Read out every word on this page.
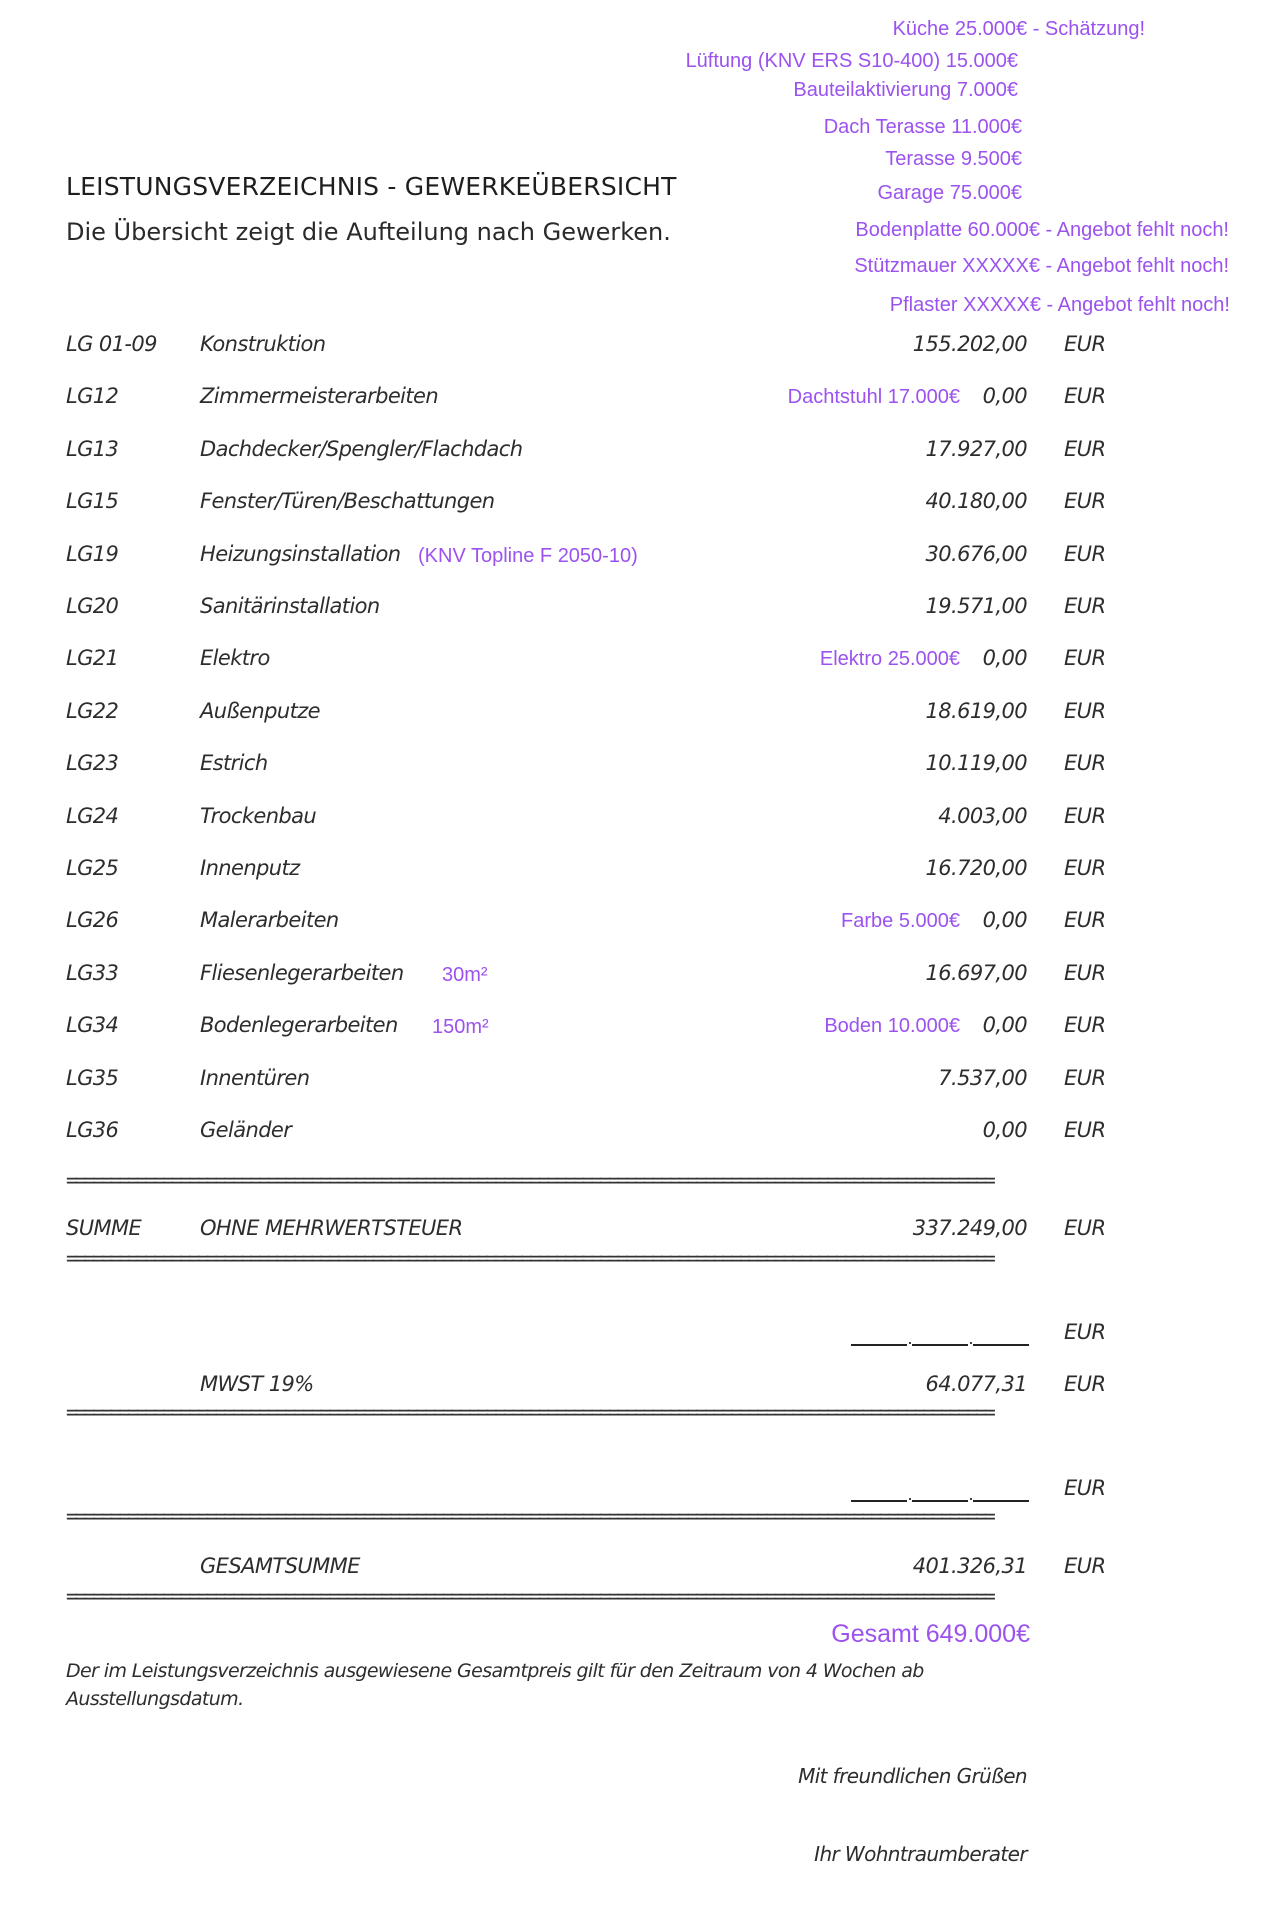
Küche 25.000€ - Schätzung!
Lüftung (KNV ERS S10-400) 15.000€
Bauteilaktivierung 7.000€
Dach Terasse 11.000€
Terasse 9.500€
Garage 75.000€
Bodenplatte 60.000€ - Angebot fehlt noch!
Stützmauer XXXXX€ - Angebot fehlt noch!
Pflaster XXXXX€ - Angebot fehlt noch!
LEISTUNGSVERZEICHNIS - GEWERKEÜBERSICHT
Die Übersicht zeigt die Aufteilung nach Gewerken.
LG 01-09 Konstruktion	155.202,00 EUR
LG12	Zimmermeisterarbeiten	0,00 EUR
Dachtstuhl 17.000€
LG13	Dachdecker/Spengler/Flachdach	17.927,00 EUR
LG15	Fenster/Türen/Beschattungen	40.180,00 EUR
LG19	Heizungsinstallation	30.676,00 EUR
(KNV Topline F 2050-10)
LG20	Sanitärinstallation	19.571,00 EUR
LG21	Elektro	0,00 EUR
Elektro 25.000€
LG22	Außenputze	18.619,00 EUR
LG23	Estrich	10.119,00 EUR
LG24	Trockenbau	4.003,00 EUR
LG25	Innenputz	16.720,00 EUR
LG26	Malerarbeiten	0,00 EUR
Farbe 5.000€
LG33	Fliesenlegerarbeiten	16.697,00 EUR
30m²
LG34	Bodenlegerarbeiten	0,00 EUR
Boden 10.000€
150m²
LG35	Innentüren	7.537,00 EUR
LG36	Geländer	0,00 EUR
==========================================================================================================
SUMME	OHNE MEHRWERTSTEUER	337.249,00 EUR
==========================================================================================================
EUR
MWST 19%	64.077,31 EUR
==========================================================================================================
EUR
==========================================================================================================
GESAMTSUMME	401.326,31 EUR
==========================================================================================================
Gesamt 649.000€
Der im Leistungsverzeichnis ausgewiesene Gesamtpreis gilt für den Zeitraum von 4 Wochen ab
Ausstellungsdatum.
Mit freundlichen Grüßen
Ihr Wohntraumberater
